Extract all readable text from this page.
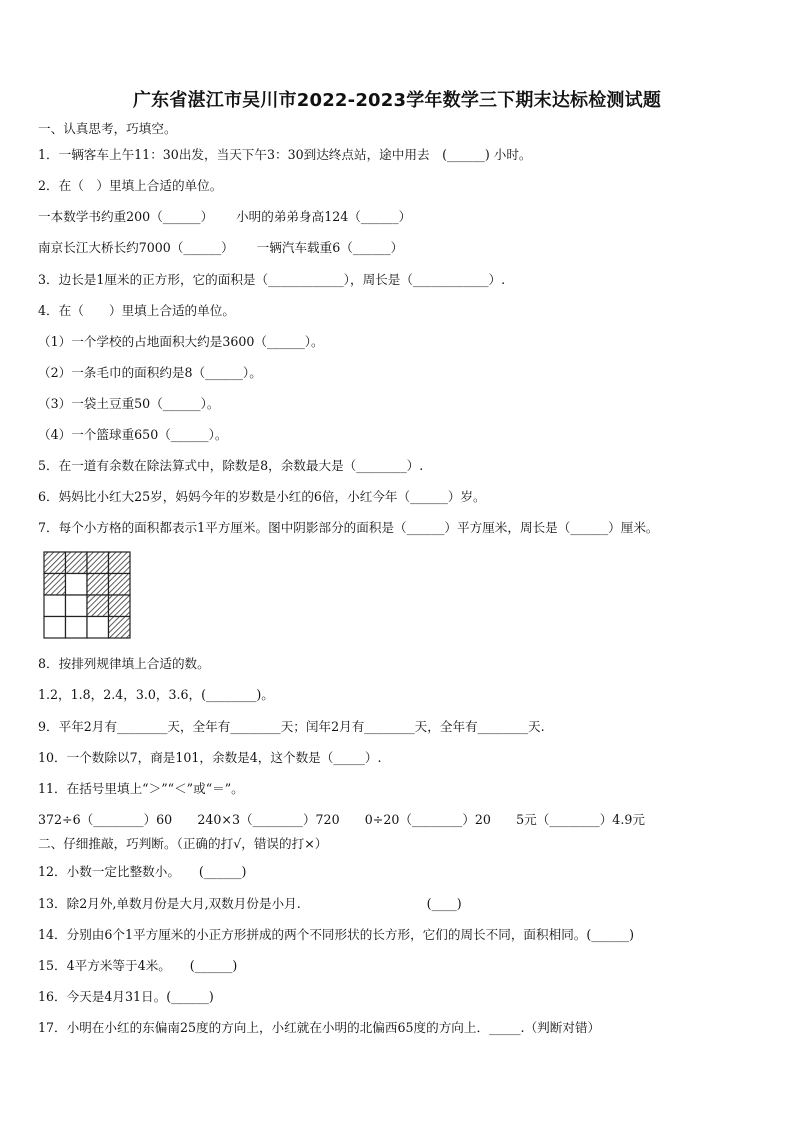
广东省湛江市吴川市2022-2023学年数学三下期末达标检测试题
一、认真思考，巧填空。
1．一辆客车上午11：30出发，当天下午3：30到达终点站，途中用去　(______) 小时。
2．在（　）里填上合适的单位。
一本数学书约重200（______）　　 小明的弟弟身高124（______）
南京长江大桥长约7000（______）　　 一辆汽车载重6（______）
3．边长是1厘米的正方形，它的面积是（____________），周长是（____________）.
4．在（　　）里填上合适的单位。
（1）一个学校的占地面积大约是3600（______）。
（2）一条毛巾的面积约是8（______）。
（3）一袋土豆重50（______）。
（4）一个篮球重650（______）。
5．在一道有余数在除法算式中，除数是8，余数最大是（________）.
6．妈妈比小红大25岁，妈妈今年的岁数是小红的6倍，小红今年（______）岁。
7．每个小方格的面积都表示1平方厘米。图中阴影部分的面积是（______）平方厘米，周长是（______）厘米。
8．按排列规律填上合适的数。
1.2，1.8，2.4，3.0，3.6，(________)。
9．平年2月有________天，全年有________天；闰年2月有________天，全年有________天.
10．一个数除以7，商是101，余数是4，这个数是（_____）.
11．在括号里填上“＞”“＜”或“＝”。
372÷6（________）60　　240×3（________）720　　0÷20（________）20　　5元（________）4.9元
二、仔细推敲，巧判断。（正确的打√，错误的打×）
12．小数一定比整数小。　　(______)
13．除2月外,单数月份是大月,双数月份是小月.　　　　　　　　　　(____)
14．分别由6个1平方厘米的小正方形拼成的两个不同形状的长方形，它们的周长不同，面积相同。(______)
15．4平方米等于4米。　　(______)
16．今天是4月31日。(______)
17．小明在小红的东偏南25度的方向上，小红就在小明的北偏西65度的方向上．_____.（判断对错）
